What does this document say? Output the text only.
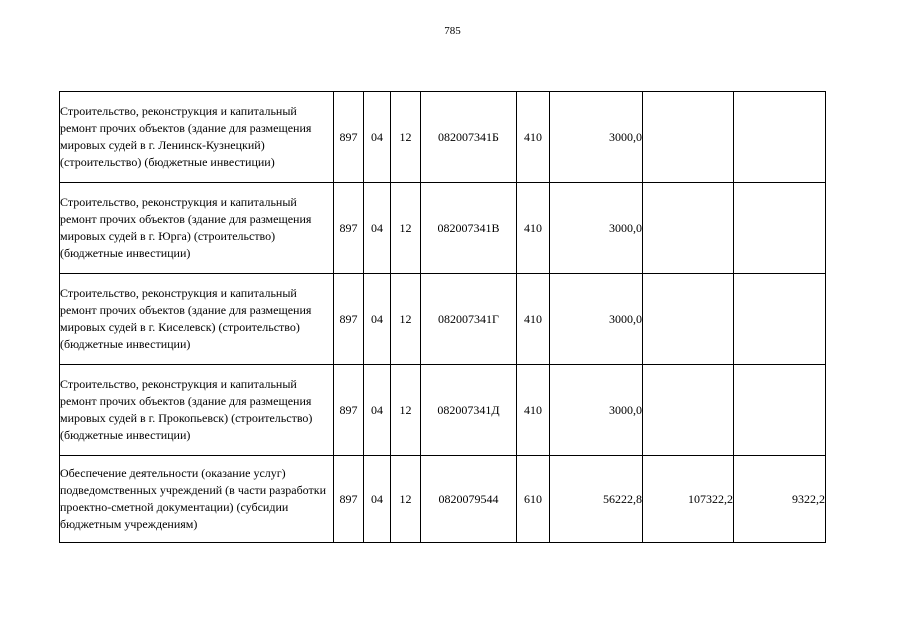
785
Строительство, реконструкция и капитальный ремонт прочих объектов (здание для размещения мировых судей в г. Ленинск-Кузнецкий) (строительство) (бюджетные инвестиции)	897	04	12	082007341Б	410	3000,0		
Строительство, реконструкция и капитальный ремонт прочих объектов (здание для размещения мировых судей в г. Юрга) (строительство) (бюджетные инвестиции)	897	04	12	082007341В	410	3000,0		
Строительство, реконструкция и капитальный ремонт прочих объектов (здание для размещения мировых судей в г. Киселевск) (строительство) (бюджетные инвестиции)	897	04	12	082007341Г	410	3000,0		
Строительство, реконструкция и капитальный ремонт прочих объектов (здание для размещения мировых судей в г. Прокопьевск) (строительство) (бюджетные инвестиции)	897	04	12	082007341Д	410	3000,0		
Обеспечение деятельности (оказание услуг) подведомственных учреждений (в части разработки проектно-сметной документации) (субсидии бюджетным учреждениям)	897	04	12	0820079544	610	56222,8	107322,2	9322,2
